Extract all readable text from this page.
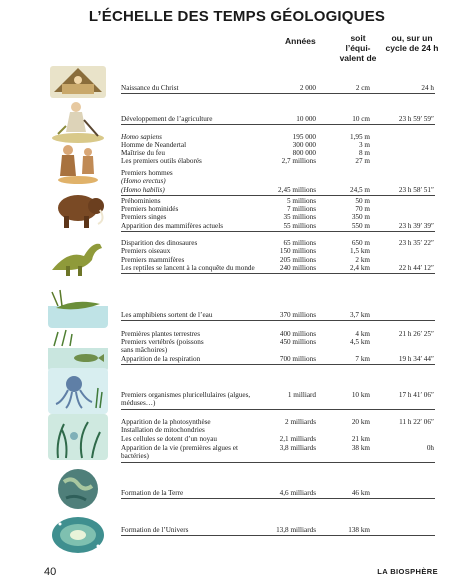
L’ÉCHELLE DES TEMPS GÉOLOGIQUES
Années	soit l’équi-
valent de
ou, sur un
cycle de 24 h
Naissance du Christ	2 000	2 cm	24 h
Développement de l’agriculture	10 000	10 cm	23 h 59′ 59″
Homo sapiens	195 000	1,95 m
Homme de Neandertal	300 000	3 m
Maîtrise du feu	800 000	8 m
Les premiers outils élaborés	2,7 millions	27 m
Premiers hommes
(Homo erectus)
(Homo habilis)	2,45 millions	24,5 m	23 h 58′ 51″
Préhominiens	5 millions	50 m
Premiers hominidés	7 millions	70 m
Premiers singes	35 millions	350 m
Apparition des mammifères actuels	55 millions	550 m	23 h 39′ 39″
Disparition des dinosaures	65 millions	650 m	23 h 35′ 22″
Premiers oiseaux	150 millions	1,5 km
Premiers mammifères	205 millions	2 km
Les reptiles se lancent à la conquête du monde	240 millions	2,4 km	22 h 44′ 12″
Les amphibiens sortent de l’eau	370 millions	3,7 km
Premières plantes terrestres	400 millions	4 km	21 h 26′ 25″
Premiers vertébrés (poissons	450 millions	4,5 km
sans mâchoires)
Apparition de la respiration	700 millions	7 km	19 h 34′ 44″
Premiers organismes pluricellulaires (algues,	1 milliard	10 km	17 h 41′ 06″
méduses…)
Apparition de la photosynthèse	2 milliards	20 km	11 h 22′ 06″
Installation de mitochondries
Les cellules se dotent d’un noyau	2,1 milliards	21 km
Apparition de la vie (premières algues et	3,8 milliards	38 km	0h
bactéries)
Formation de la Terre	4,6 milliards	46 km
Formation de l’Univers	13,8 milliards	138 km
40	LA BIOSPHÈRE
